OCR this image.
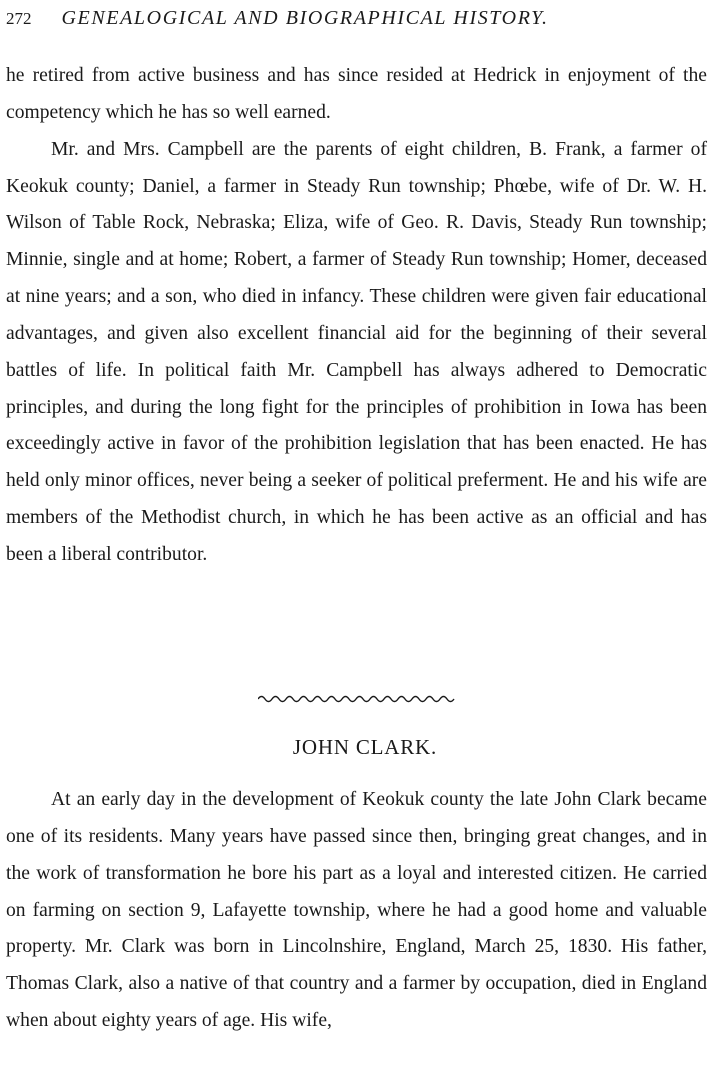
272 GENEALOGICAL AND BIOGRAPHICAL HISTORY.

he retired from active business and has since resided at Hedrick in enjoyment of the competency which he has so well earned.

Mr. and Mrs. Campbell are the parents of eight children, B. Frank, a farmer of Keokuk county; Daniel, a farmer in Steady Run township; Phœbe, wife of Dr. W. H. Wilson of Table Rock, Nebraska; Eliza, wife of Geo. R. Davis, Steady Run township; Minnie, single and at home; Robert, a farmer of Steady Run township; Homer, deceased at nine years; and a son, who died in infancy. These children were given fair educational advantages, and given also excellent financial aid for the beginning of their several battles of life. In political faith Mr. Campbell has always adhered to Democratic principles, and during the long fight for the principles of prohibition in Iowa has been exceedingly active in favor of the prohibition legislation that has been enacted. He has held only minor offices, never being a seeker of political preferment. He and his wife are members of the Methodist church, in which he has been active as an official and has been a liberal contributor.

JOHN CLARK.

At an early day in the development of Keokuk county the late John Clark became one of its residents. Many years have passed since then, bringing great changes, and in the work of transformation he bore his part as a loyal and interested citizen. He carried on farming on section 9, Lafayette township, where he had a good home and valuable property. Mr. Clark was born in Lincolnshire, England, March 25, 1830. His father, Thomas Clark, also a native of that country and a farmer by occupation, died in England when about eighty years of age. His wife,
